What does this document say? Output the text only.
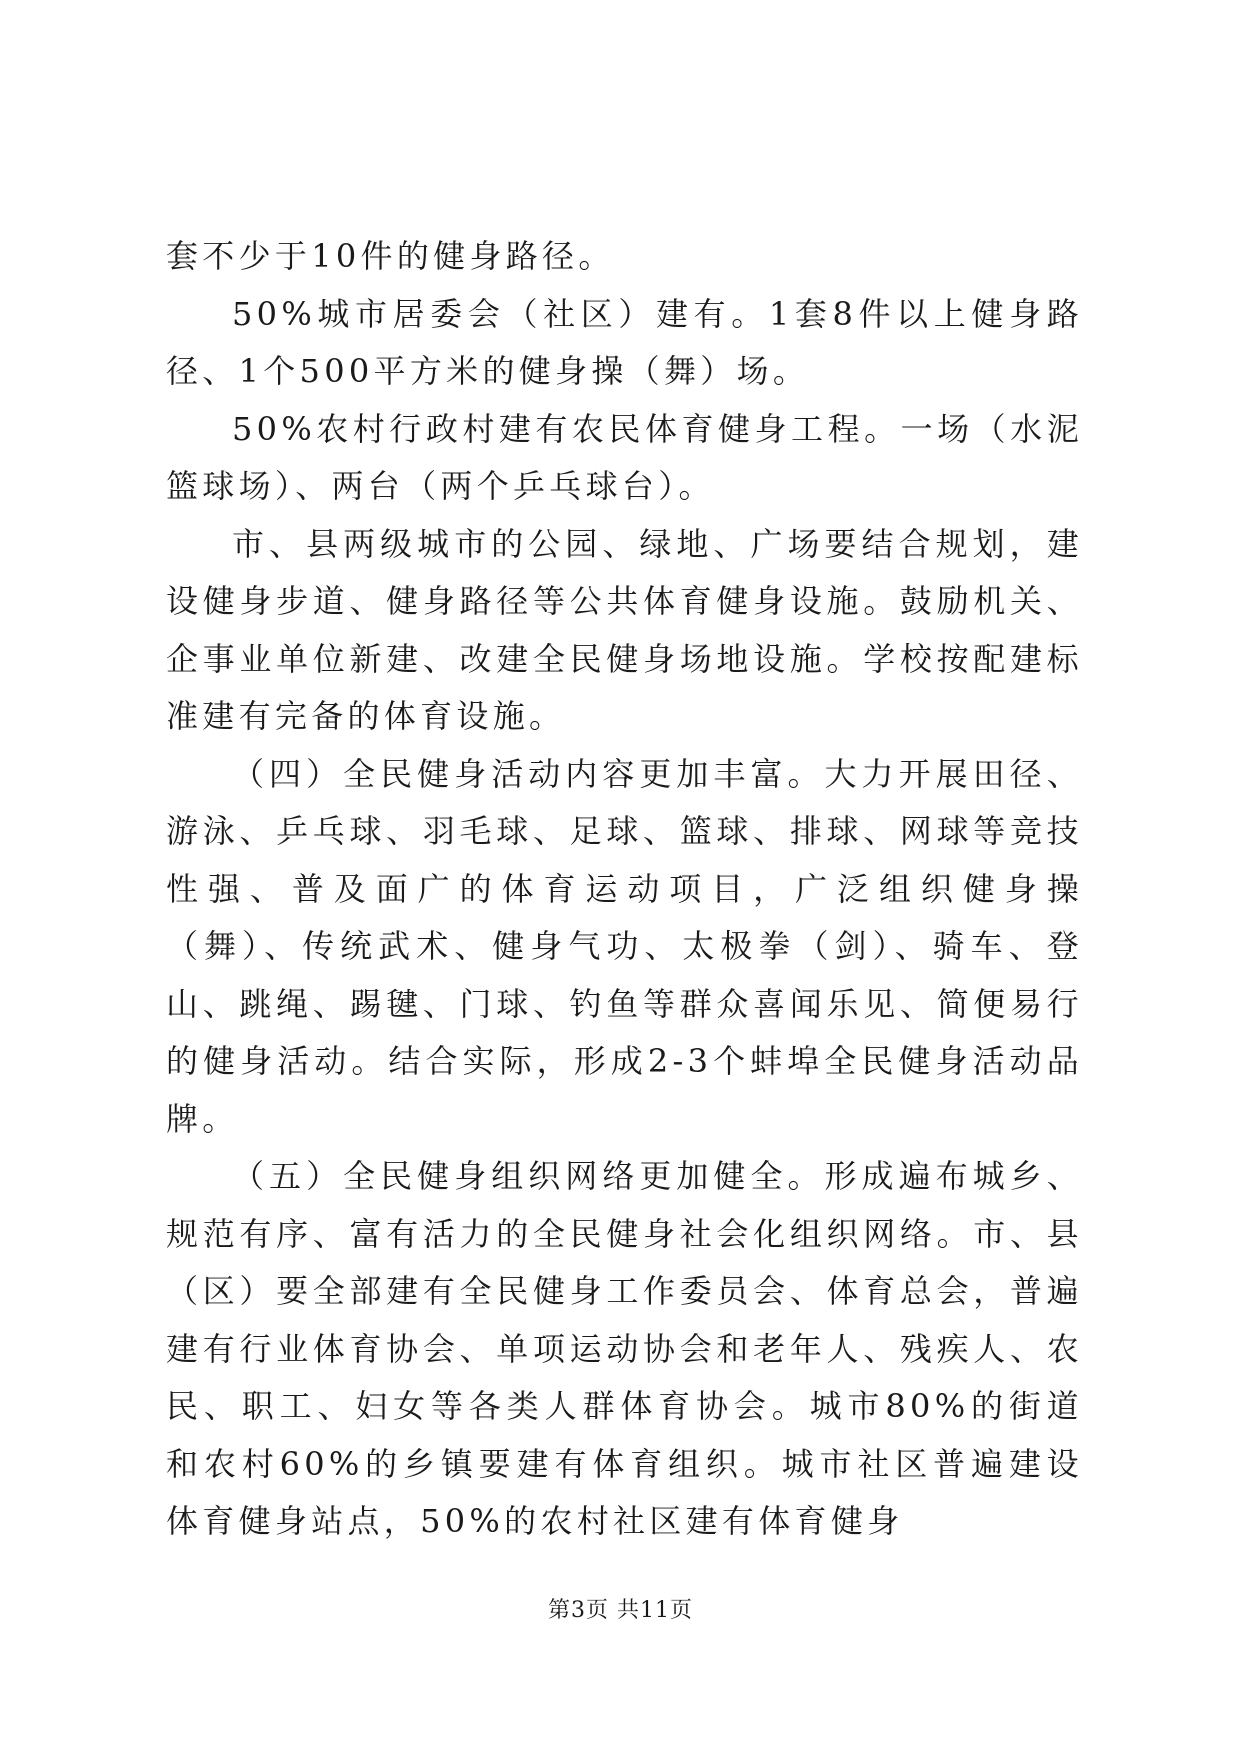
套不少于10件的健身路径。

50%城市居委会（社区）建有。1套8件以上健身路径、1个500平方米的健身操（舞）场。

50%农村行政村建有农民体育健身工程。一场（水泥篮球场）、两台（两个乒乓球台）。

市、县两级城市的公园、绿地、广场要结合规划，建设健身步道、健身路径等公共体育健身设施。鼓励机关、企事业单位新建、改建全民健身场地设施。学校按配建标准建有完备的体育设施。

（四）全民健身活动内容更加丰富。大力开展田径、游泳、乒乓球、羽毛球、足球、篮球、排球、网球等竞技性强、普及面广的体育运动项目，广泛组织健身操（舞）、传统武术、健身气功、太极拳（剑）、骑车、登山、跳绳、踢毽、门球、钓鱼等群众喜闻乐见、简便易行的健身活动。结合实际，形成2-3个蚌埠全民健身活动品牌。

（五）全民健身组织网络更加健全。形成遍布城乡、规范有序、富有活力的全民健身社会化组织网络。市、县（区）要全部建有全民健身工作委员会、体育总会，普遍建有行业体育协会、单项运动协会和老年人、残疾人、农民、职工、妇女等各类人群体育协会。城市80%的街道和农村60%的乡镇要建有体育组织。城市社区普遍建设体育健身站点，50%的农村社区建有体育健身

第3页 共11页
